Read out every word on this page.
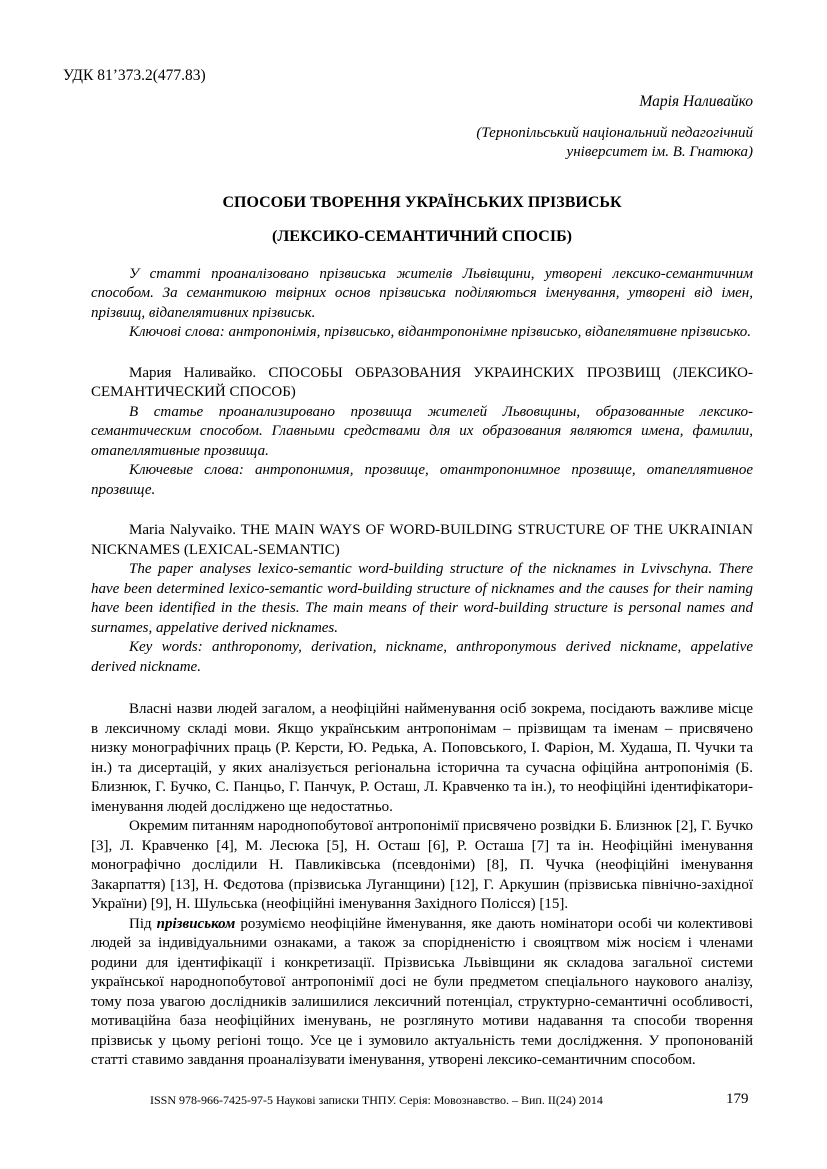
УДК 81’373.2(477.83)
Марія Наливайко
(Тернопільський національний педагогічний
університет ім. В. Гнатюка)
СПОСОБИ ТВОРЕННЯ УКРАЇНСЬКИХ ПРІЗВИСЬК
(ЛЕКСИКО-СЕМАНТИЧНИЙ СПОСІБ)

У статті проаналізовано прізвиська жителів Львівщини, утворені лексико-семантичним способом. За семантикою твірних основ прізвиська поділяються іменування, утворені від імен, прізвищ, відапелятивних прізвиськ.

Ключові слова: антропонімія, прізвисько, відантропонімне прізвисько, відапелятивне прізвисько.

Мария Наливайко. СПОСОБЫ ОБРАЗОВАНИЯ УКРАИНСКИХ ПРОЗВИЩ (ЛЕКСИКО-СЕМАНТИЧЕСКИЙ СПОСОБ)

В статье проанализировано прозвища жителей Львовщины, образованные лексико-семантическим способом. Главными средствами для их образования являются имена, фамилии, отапеллятивные прозвища.

Ключевые слова: антропонимия, прозвище, отантропонимное прозвище, отапеллятивное прозвище.

Maria Nalyvaiko. THE MAIN WAYS OF WORD-BUILDING STRUCTURE OF THE UKRAINIAN NICKNAMES (LEXICAL-SEMANTIC)

The paper analyses lexico-semantic word-building structure of the nicknames in Lvivschyna. There have been determined lexico-semantic word-building structure of nicknames and the causes for their naming have been identified in the thesis. The main means of their word-building structure is personal names and surnames, appelative derived nicknames.

Key words: anthroponomy, derivation, nickname, anthroponymous derived nickname, appelative derived nickname.

Власні назви людей загалом, а неофіційні найменування осіб зокрема, посідають важливе місце в лексичному складі мови. Якщо українським антропонімам – прізвищам та іменам – присвячено низку монографічних праць (Р. Керсти, Ю. Редька, А. Поповського, І. Фаріон, М. Худаша, П. Чучки та ін.) та дисертацій, у яких аналізується регіональна історична та сучасна офіційна антропонімія (Б. Близнюк, Г. Бучко, С. Панцьо, Г. Панчук, Р. Осташ, Л. Кравченко та ін.), то неофіційні ідентифікатори-іменування людей досліджено ще недостатньо.

Окремим питанням народнопобутової антропонімії присвячено розвідки Б. Близнюк [2], Г. Бучко [3], Л. Кравченко [4], М. Лесюка [5], Н. Осташ [6], Р. Осташа [7] та ін. Неофіційні іменування монографічно дослідили Н. Павликівська (псевдоніми) [8], П. Чучка (неофіційні іменування Закарпаття) [13], Н. Фєдотова (прізвиська Луганщини) [12], Г. Аркушин (прізвиська північно-західної України) [9], Н. Шульська (неофіційні іменування Західного Полісся) [15].

Під прізвиськом розуміємо неофіційне йменування, яке дають номінатори особі чи колективові людей за індивідуальними ознаками, а також за спорідненістю і свояцтвом між носієм і членами родини для ідентифікації і конкретизації. Прізвиська Львівщини як складова загальної системи української народнопобутової антропонімії досі не були предметом спеціального наукового аналізу, тому поза увагою дослідників залишилися лексичний потенціал, структурно-семантичні особливості, мотиваційна база неофіційних іменувань, не розглянуто мотиви надавання та способи творення прізвиськ у цьому регіоні тощо. Усе це і зумовило актуальність теми дослідження. У пропонованій статті ставимо завдання проаналізувати іменування, утворені лексико-семантичним способом.

ISSN 978-966-7425-97-5 Наукові записки ТНПУ. Серія: Мовознавство. – Вип. ІІ(24) 2014	179
